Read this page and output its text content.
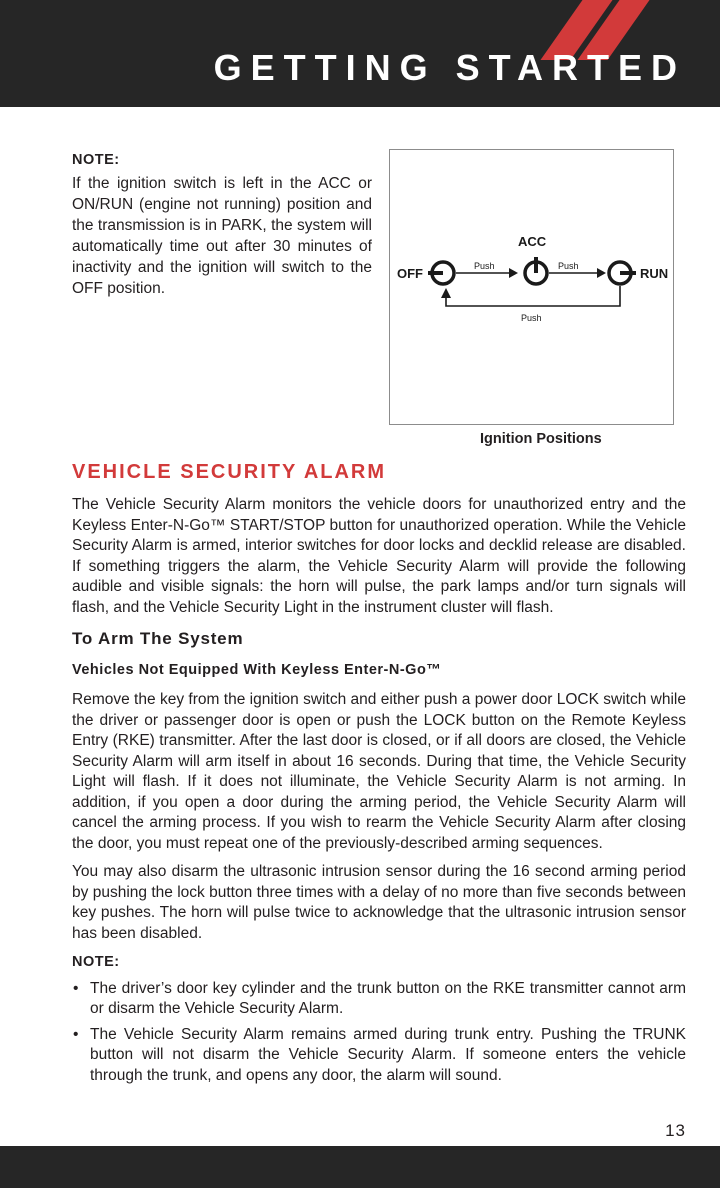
GETTING STARTED
NOTE:

If the ignition switch is left in the ACC or ON/RUN (engine not running) position and the transmission is in PARK, the system will automatically time out after 30 minutes of inactivity and the ignition will switch to the OFF position.

OFF
ACC
RUN
Push	Push
Push

Ignition Positions

VEHICLE SECURITY ALARM

The Vehicle Security Alarm monitors the vehicle doors for unauthorized entry and the Keyless Enter-N-Go™ START/STOP button for unauthorized operation. While the Vehicle Security Alarm is armed, interior switches for door locks and decklid release are disabled. If something triggers the alarm, the Vehicle Security Alarm will provide the following audible and visible signals: the horn will pulse, the park lamps and/or turn signals will flash, and the Vehicle Security Light in the instrument cluster will flash.

To Arm The System
Vehicles Not Equipped With Keyless Enter-N-Go™

Remove the key from the ignition switch and either push a power door LOCK switch while the driver or passenger door is open or push the LOCK button on the Remote Keyless Entry (RKE) transmitter. After the last door is closed, or if all doors are closed, the Vehicle Security Alarm will arm itself in about 16 seconds. During that time, the Vehicle Security Light will flash. If it does not illuminate, the Vehicle Security Alarm is not arming. In addition, if you open a door during the arming period, the Vehicle Security Alarm will cancel the arming process. If you wish to rearm the Vehicle Security Alarm after closing the door, you must repeat one of the previously-described arming sequences.

You may also disarm the ultrasonic intrusion sensor during the 16 second arming period by pushing the lock button three times with a delay of no more than five seconds between key pushes. The horn will pulse twice to acknowledge that the ultrasonic intrusion sensor has been disabled.

NOTE:
• The driver’s door key cylinder and the trunk button on the RKE transmitter cannot arm or disarm the Vehicle Security Alarm.
• The Vehicle Security Alarm remains armed during trunk entry. Pushing the TRUNK button will not disarm the Vehicle Security Alarm. If someone enters the vehicle through the trunk, and opens any door, the alarm will sound.

13
